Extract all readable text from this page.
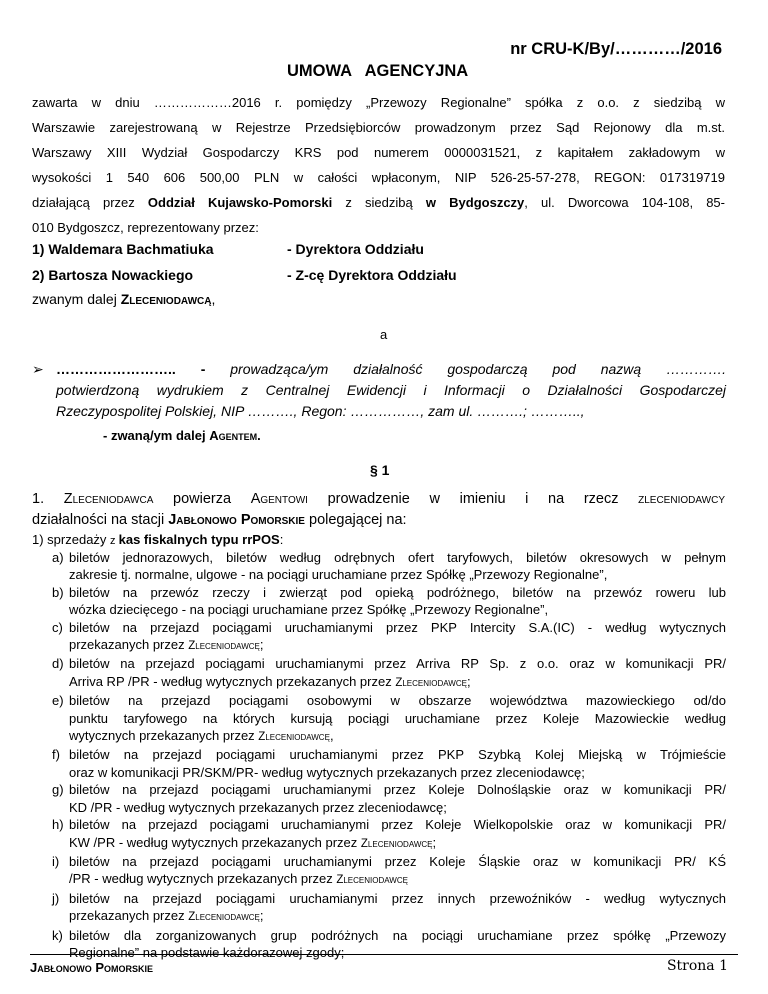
nr CRU-K/By/…………/2016
UMOWA   AGENCYJNA
zawarta w dniu ………………2016 r. pomiędzy „Przewozy Regionalne” spółka z o.o. z siedzibą w
Warszawie zarejestrowaną w Rejestrze Przedsiębiorców prowadzonym przez Sąd Rejonowy dla m.st.
Warszawy XIII Wydział Gospodarczy KRS pod numerem 0000031521, z kapitałem zakładowym w
wysokości 1 540 606 500,00 PLN w całości wpłaconym, NIP 526-25-57-278, REGON: 017319719
działającą przez Oddział Kujawsko-Pomorski z siedzibą w Bydgoszczy, ul. Dworcowa 104-108, 85-
010 Bydgoszcz, reprezentowany przez:
1) Waldemara Bachmatiuka	- Dyrektora Oddziału
2) Bartosza Nowackiego	- Z-cę Dyrektora Oddziału
zwanym dalej Zleceniodawcą,
a
➢ …………………….. - prowadząca/ym działalność gospodarczą pod nazwą ………….
potwierdzoną wydrukiem z Centralnej Ewidencji i Informacji o Działalności Gospodarczej
Rzeczypospolitej Polskiej, NIP ………., Regon: ……………, zam ul. ……….; ………..,
- zwaną/ym dalej Agentem.
§ 1
1. Zleceniodawca powierza Agentowi prowadzenie w imieniu i na rzecz zleceniodawcy
działalności na stacji Jabłonowo Pomorskie polegającej na:
1) sprzedaży z kas fiskalnych typu rrPOS:
a) biletów jednorazowych, biletów według odrębnych ofert taryfowych, biletów okresowych w pełnym
zakresie tj. normalne, ulgowe - na pociągi uruchamiane przez Spółkę „Przewozy Regionalne”,
b) biletów na przewóz rzeczy i zwierząt pod opieką podróżnego, biletów na przewóz roweru lub
wózka dziecięcego - na pociągi uruchamiane przez Spółkę „Przewozy Regionalne”,
c) biletów na przejazd pociągami uruchamianymi przez PKP Intercity S.A.(IC) - według wytycznych
przekazanych przez Zleceniodawcę;
d) biletów na przejazd pociągami uruchamianymi przez Arriva RP Sp. z o.o. oraz w komunikacji PR/
Arriva RP /PR - według wytycznych przekazanych przez Zleceniodawcę;
e) biletów na przejazd pociągami osobowymi w obszarze województwa mazowieckiego od/do
punktu taryfowego na których kursują pociągi uruchamiane przez Koleje Mazowieckie według
wytycznych przekazanych przez Zleceniodawcę,
f) biletów na przejazd pociągami uruchamianymi przez PKP Szybką Kolej Miejską w Trójmieście
oraz w komunikacji PR/SKM/PR- według wytycznych przekazanych przez zleceniodawcę;
g) biletów na przejazd pociągami uruchamianymi przez Koleje Dolnośląskie oraz w komunikacji PR/
KD /PR - według wytycznych przekazanych przez zleceniodawcę;
h) biletów na przejazd pociągami uruchamianymi przez Koleje Wielkopolskie oraz w komunikacji PR/
KW /PR - według wytycznych przekazanych przez Zleceniodawcę;
i) biletów na przejazd pociągami uruchamianymi przez Koleje Śląskie oraz w komunikacji PR/ KŚ
/PR - według wytycznych przekazanych przez Zleceniodawcę
j) biletów na przejazd pociągami uruchamianymi przez innych przewoźników - według wytycznych
przekazanych przez Zleceniodawcę;
k) biletów dla zorganizowanych grup podróżnych na pociągi uruchamiane przez spółkę „Przewozy
Regionalne” na podstawie każdorazowej zgody;
Jabłonowo Pomorskie	Strona 1
